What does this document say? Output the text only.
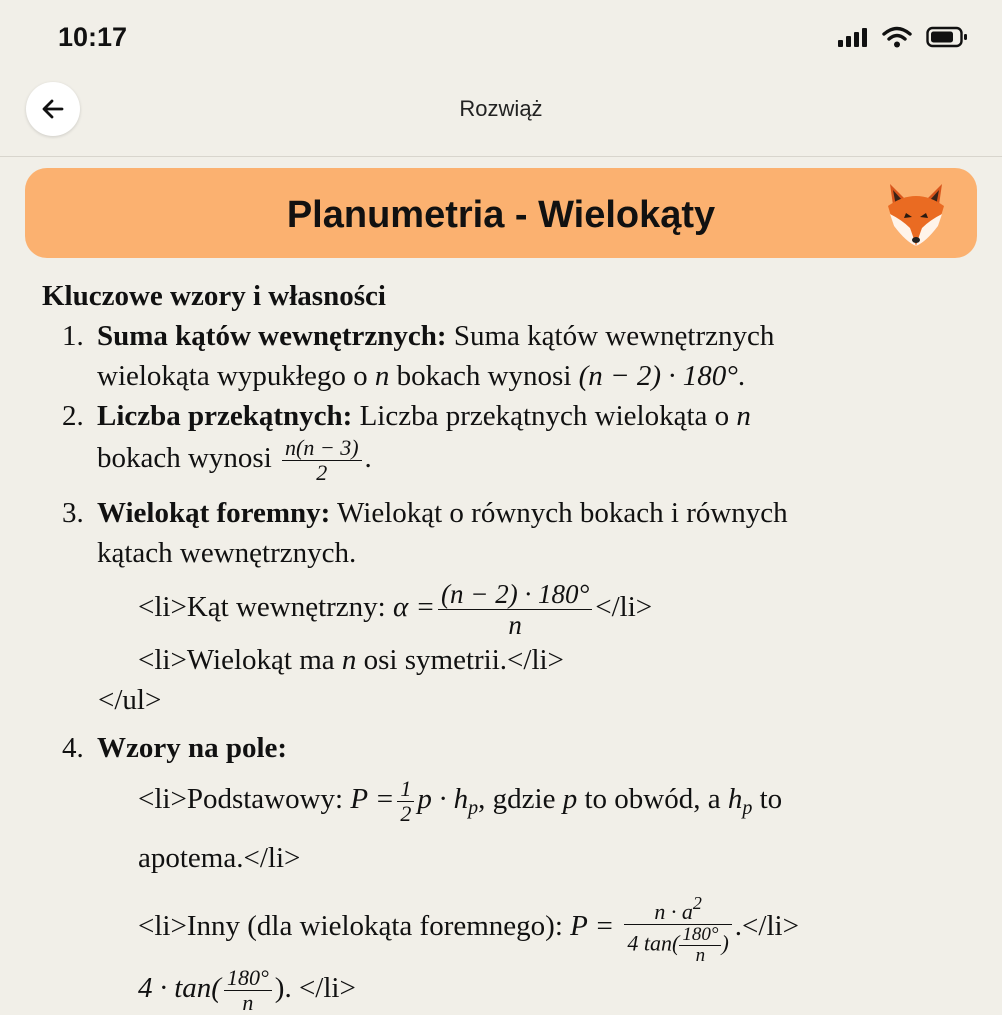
10:17
Rozwiąż
Planumetria - Wielokąty
Kluczowe wzory i własności
1. Suma kątów wewnętrznych: Suma kątów wewnętrznych
wielokąta wypukłego o n bokach wynosi (n − 2) · 180°.
2. Liczba przekątnych: Liczba przekątnych wielokąta o n
bokach wynosi $\frac{n(n - 3)}{2}$ .
3. Wielokąt foremny: Wielokąt o równych bokach i równych
kątach wewnętrznych.
<li>Kąt wewnętrzny: $\alpha = \frac{(n - 2) \cdot 180^\circ}{n} </li>$
<li>Wielokąt ma n osi symetrii.</li>
</ul>
4. Wzory na pole:
<li>Podstawowy: $P = \frac{1}{2}$ $p \cdot h_p$, gdzie p to obwód, a $h_p$ to
apotema.</li>
<li>Inny (dla wielokąta foremnego): $P = \frac{n \cdot a^2}{4 \tan( \frac{180^\circ}{n} )} .</li>$
$4 \cdot \tan( \frac{180^\circ}{n}$ ). </li>
